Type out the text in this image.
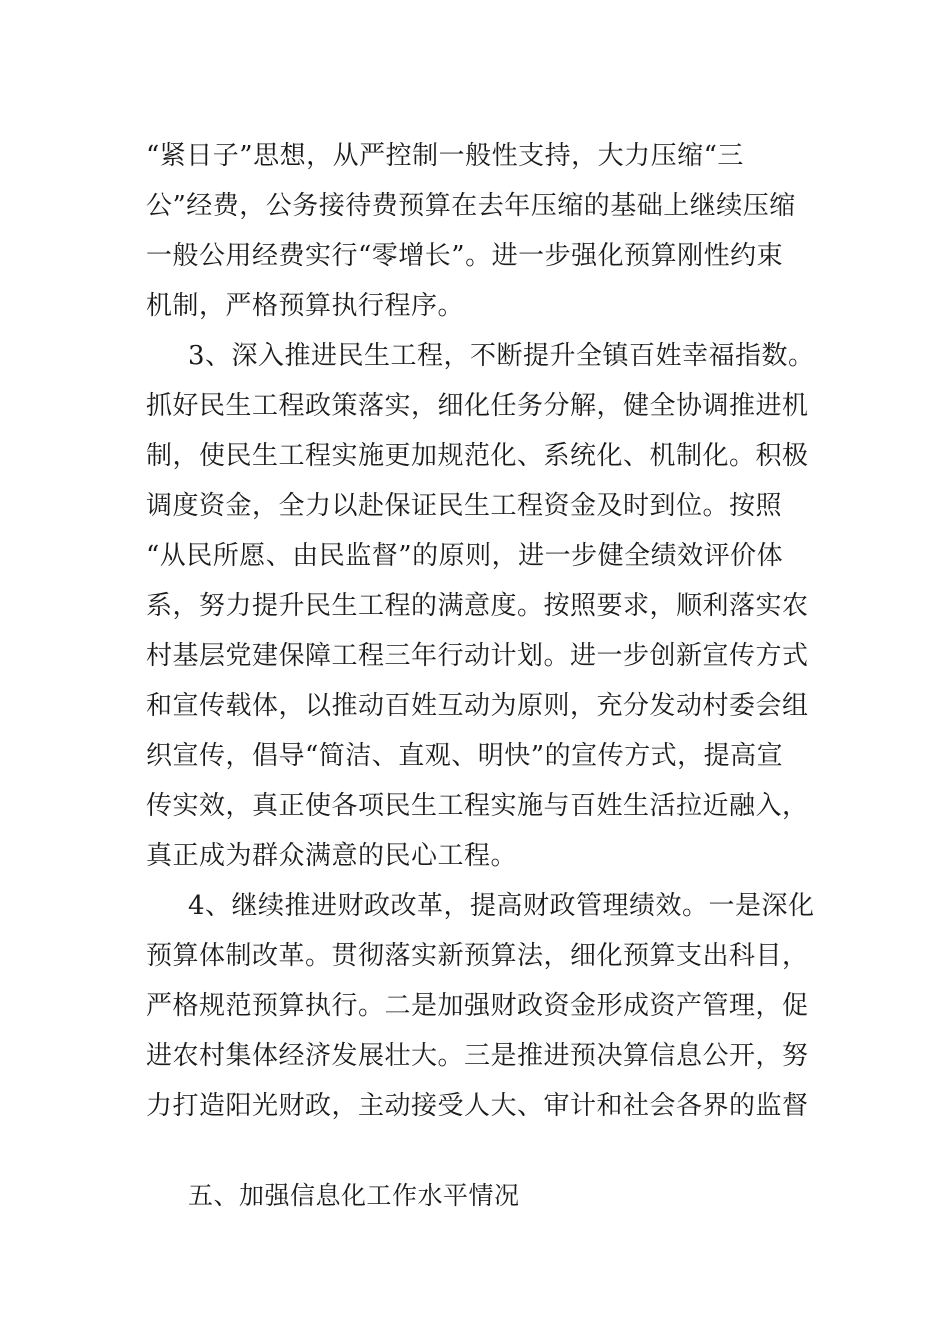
“紧日子”思想，从严控制一般性支持，大力压缩“三
公”经费，公务接待费预算在去年压缩的基础上继续压缩
一般公用经费实行“零增长”。进一步强化预算刚性约束
机制，严格预算执行程序。
3、深入推进民生工程，不断提升全镇百姓幸福指数。
抓好民生工程政策落实，细化任务分解，健全协调推进机
制，使民生工程实施更加规范化、系统化、机制化。积极
调度资金，全力以赴保证民生工程资金及时到位。按照
“从民所愿、由民监督”的原则，进一步健全绩效评价体
系，努力提升民生工程的满意度。按照要求，顺利落实农
村基层党建保障工程三年行动计划。进一步创新宣传方式
和宣传载体，以推动百姓互动为原则，充分发动村委会组
织宣传，倡导“简洁、直观、明快”的宣传方式，提高宣
传实效，真正使各项民生工程实施与百姓生活拉近融入，
真正成为群众满意的民心工程。
4、继续推进财政改革，提高财政管理绩效。一是深化
预算体制改革。贯彻落实新预算法，细化预算支出科目，
严格规范预算执行。二是加强财政资金形成资产管理，促
进农村集体经济发展壮大。三是推进预决算信息公开，努
力打造阳光财政，主动接受人大、审计和社会各界的监督
五、加强信息化工作水平情况
